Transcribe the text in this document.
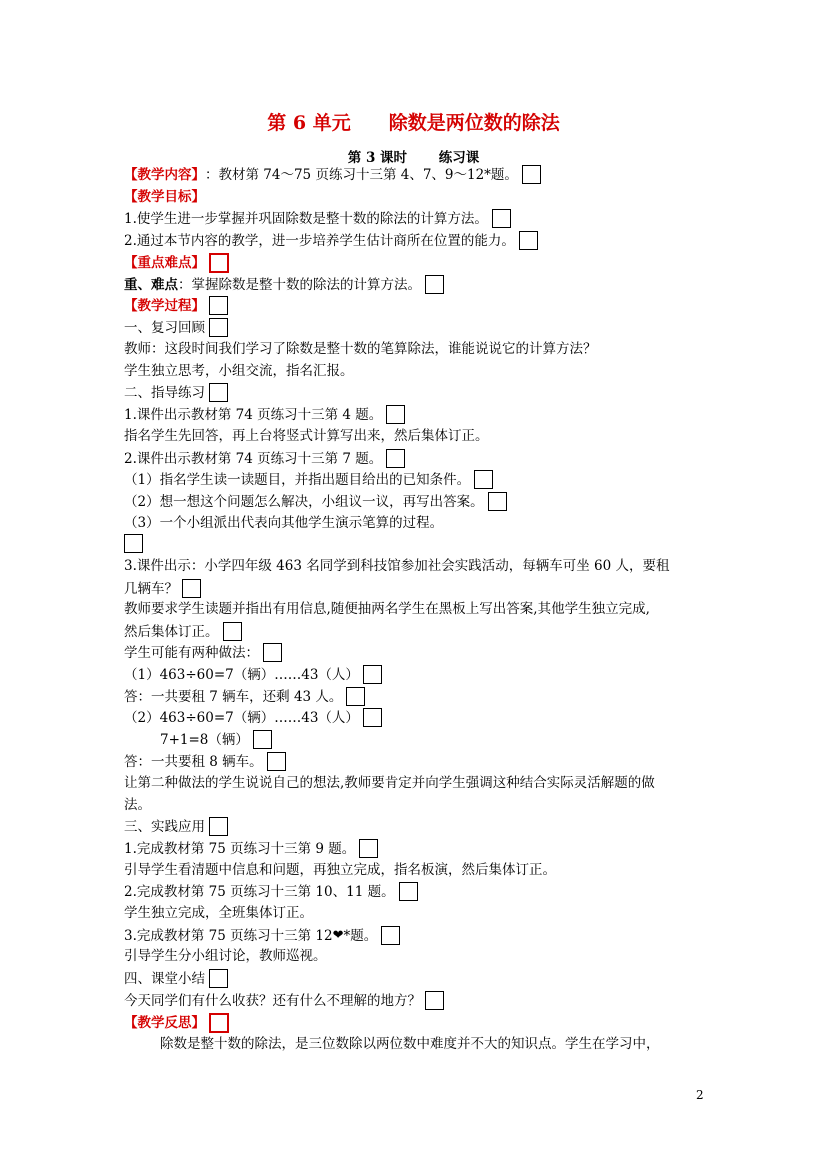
第 6 单元　　除数是两位数的除法
第 3 课时　　 练习课
【教学内容】 ：教材第 74～75 页练习十三第 4、7、9～12*题。
【教学目标】
1.使学生进一步掌握并巩固除数是整十数的除法的计算方法。
2.通过本节内容的教学，进一步培养学生估计商所在位置的能力。
【重点难点】
重、难点 ：掌握除数是整十数的除法的计算方法。
【教学过程】
一、复习回顾
教师：这段时间我们学习了除数是整十数的笔算除法，谁能说说它的计算方法？
学生独立思考，小组交流，指名汇报。
二、指导练习
1.课件出示教材第 74 页练习十三第 4 题。
指名学生先回答，再上台将竖式计算写出来，然后集体订正。
2.课件出示教材第 74 页练习十三第 7 题。
（1）指名学生读一读题目，并指出题目给出的已知条件。
（2）想一想这个问题怎么解决，小组议一议，再写出答案。
（3）一个小组派出代表向其他学生演示笔算的过程。
3.课件出示：小学四年级 463 名同学到科技馆参加社会实践活动，每辆车可坐 60 人，要租
几辆车？
教师要求学生读题并指出有用信息,随便抽两名学生在黑板上写出答案,其他学生独立完成,
然后集体订正。
学生可能有两种做法：
（1）463÷60=7（辆）……43（人）
答：一共要租 7 辆车，还剩 43 人。
（2）463÷60=7（辆）……43（人）
7+1=8（辆）
答：一共要租 8 辆车。
让第二种做法的学生说说自己的想法,教师要肯定并向学生强调这种结合实际灵活解题的做
法。
三、实践应用
1.完成教材第 75 页练习十三第 9 题。
引导学生看清题中信息和问题，再独立完成，指名板演，然后集体订正。
2.完成教材第 75 页练习十三第 10、11 题。
学生独立完成，全班集体订正。
3.完成教材第 75 页练习十三第 12 ❤ *题。
引导学生分小组讨论，教师巡视。
四、课堂小结
今天同学们有什么收获？还有什么不理解的地方？
【教学反思】
除数是整十数的除法，是三位数除以两位数中难度并不大的知识点。学生在学习中，
2
